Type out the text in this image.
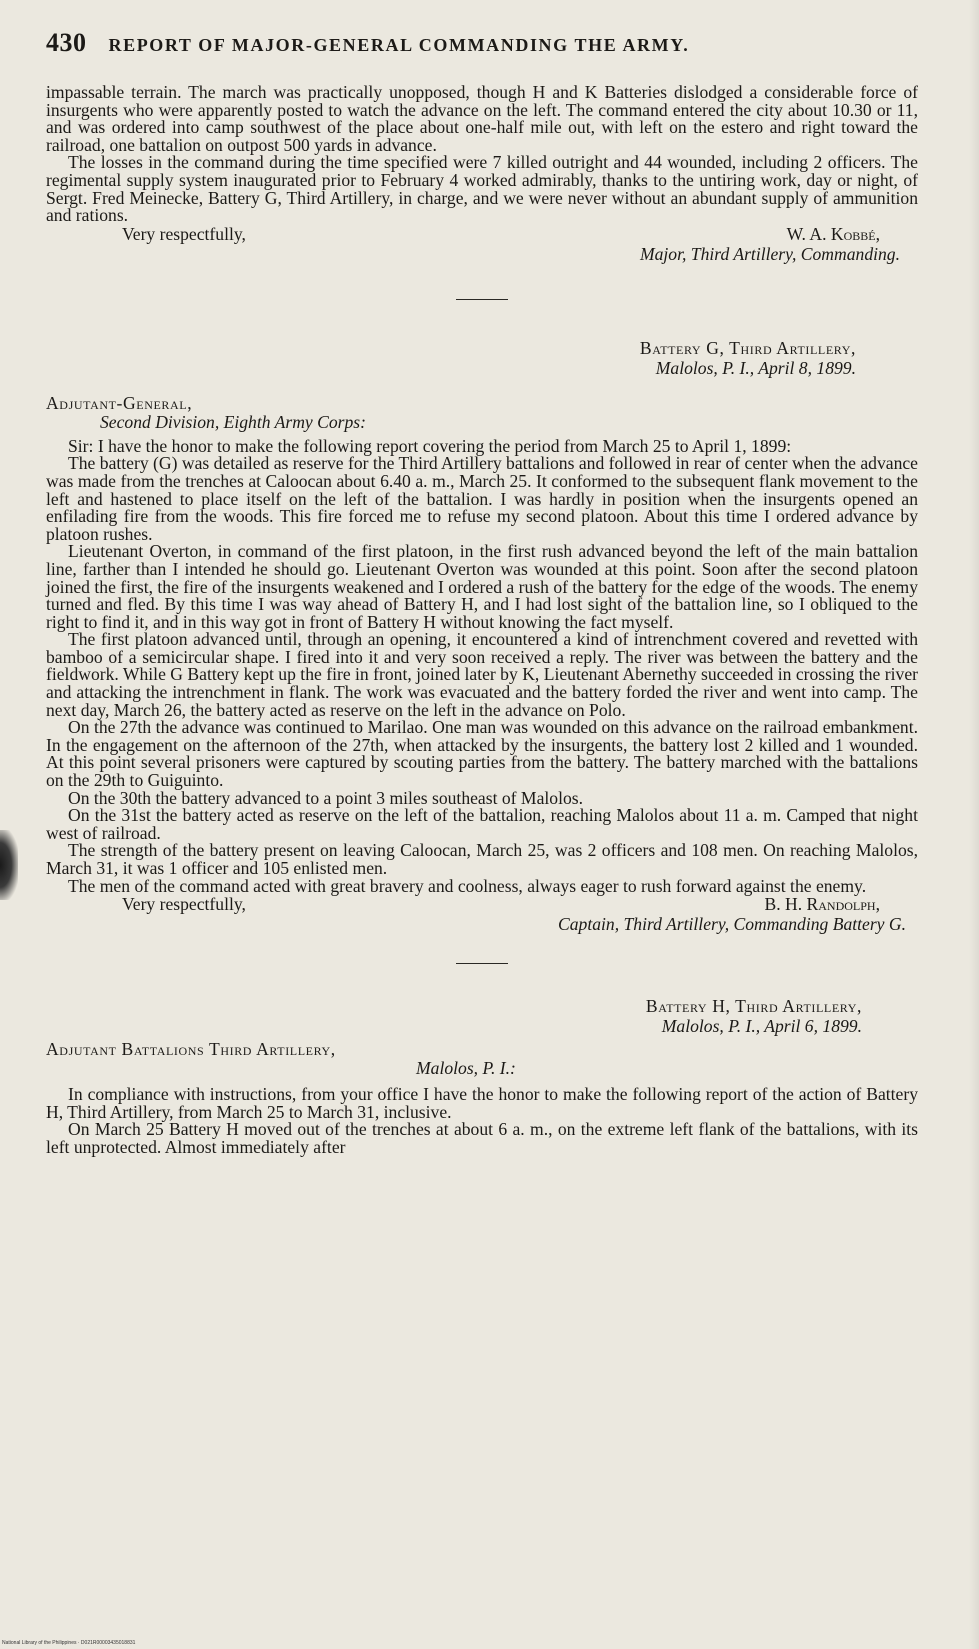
430 REPORT OF MAJOR-GENERAL COMMANDING THE ARMY.

impassable terrain. The march was practically unopposed, though H and K Batteries dislodged a considerable force of insurgents who were apparently posted to watch the advance on the left. The command entered the city about 10.30 or 11, and was ordered into camp southwest of the place about one-half mile out, with left on the estero and right toward the railroad, one battalion on outpost 500 yards in advance.

The losses in the command during the time specified were 7 killed outright and 44 wounded, including 2 officers. The regimental supply system inaugurated prior to February 4 worked admirably, thanks to the untiring work, day or night, of Sergt. Fred Meinecke, Battery G, Third Artillery, in charge, and we were never without an abundant supply of ammunition and rations.

Very respectfully,	W. A. Kobbé,
Major, Third Artillery, Commanding.
Battery G, Third Artillery,
Malolos, P. I., April 8, 1899.
Adjutant-General,
Second Division, Eighth Army Corps:

Sir: I have the honor to make the following report covering the period from March 25 to April 1, 1899:

The battery (G) was detailed as reserve for the Third Artillery battalions and followed in rear of center when the advance was made from the trenches at Caloocan about 6.40 a. m., March 25. It conformed to the subsequent flank movement to the left and hastened to place itself on the left of the battalion. I was hardly in position when the insurgents opened an enfilading fire from the woods. This fire forced me to refuse my second platoon. About this time I ordered advance by platoon rushes.

Lieutenant Overton, in command of the first platoon, in the first rush advanced beyond the left of the main battalion line, farther than I intended he should go. Lieutenant Overton was wounded at this point. Soon after the second platoon joined the first, the fire of the insurgents weakened and I ordered a rush of the battery for the edge of the woods. The enemy turned and fled. By this time I was way ahead of Battery H, and I had lost sight of the battalion line, so I obliqued to the right to find it, and in this way got in front of Battery H without knowing the fact myself.

The first platoon advanced until, through an opening, it encountered a kind of intrenchment covered and revetted with bamboo of a semicircular shape. I fired into it and very soon received a reply. The river was between the battery and the fieldwork. While G Battery kept up the fire in front, joined later by K, Lieutenant Abernethy succeeded in crossing the river and attacking the intrenchment in flank. The work was evacuated and the battery forded the river and went into camp. The next day, March 26, the battery acted as reserve on the left in the advance on Polo.

On the 27th the advance was continued to Marilao. One man was wounded on this advance on the railroad embankment. In the engagement on the afternoon of the 27th, when attacked by the insurgents, the battery lost 2 killed and 1 wounded. At this point several prisoners were captured by scouting parties from the battery. The battery marched with the battalions on the 29th to Guiguinto.

On the 30th the battery advanced to a point 3 miles southeast of Malolos.

On the 31st the battery acted as reserve on the left of the battalion, reaching Malolos about 11 a. m. Camped that night west of railroad.

The strength of the battery present on leaving Caloocan, March 25, was 2 officers and 108 men. On reaching Malolos, March 31, it was 1 officer and 105 enlisted men.

The men of the command acted with great bravery and coolness, always eager to rush forward against the enemy.

Very respectfully,	B. H. Randolph,
Captain, Third Artillery, Commanding Battery G.
Battery H, Third Artillery,
Malolos, P. I., April 6, 1899.
Adjutant Battalions Third Artillery,
Malolos, P. I.:

In compliance with instructions, from your office I have the honor to make the following report of the action of Battery H, Third Artillery, from March 25 to March 31, inclusive.

On March 25 Battery H moved out of the trenches at about 6 a. m., on the extreme left flank of the battalions, with its left unprotected. Almost immediately after

National Library of the Philippines · D021R00003435018831
